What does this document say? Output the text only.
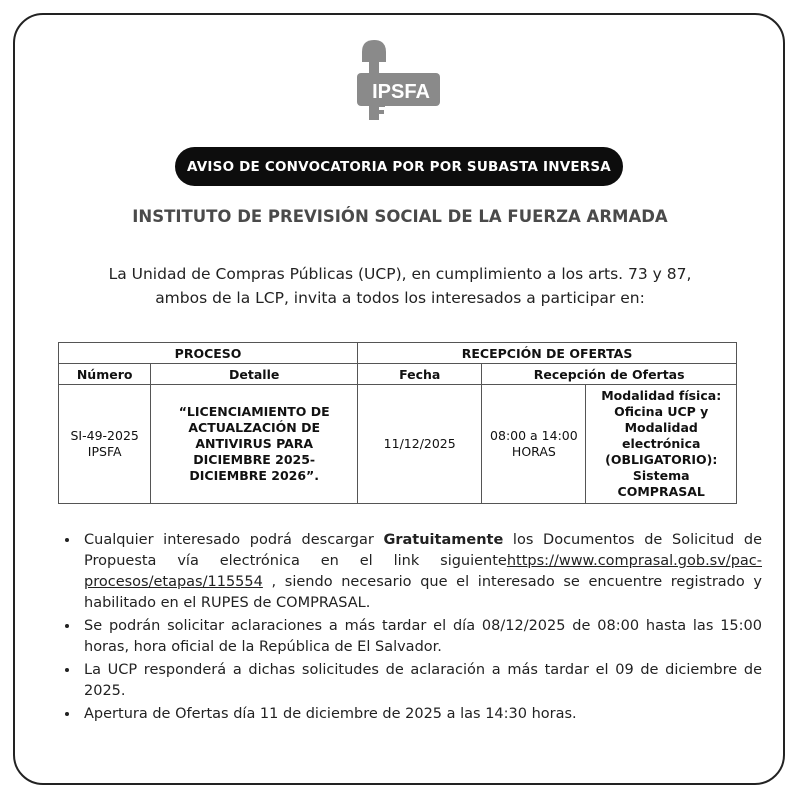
IPSFA
AVISO DE CONVOCATORIA POR POR SUBASTA INVERSA
INSTITUTO DE PREVISIÓN SOCIAL DE LA FUERZA ARMADA
La Unidad de Compras Públicas (UCP), en cumplimiento a los arts. 73 y 87,
ambos de la LCP, invita a todos los interesados a participar en:
PROCESO		RECEPCIÓN DE OFERTAS		
Número	Detalle	Fecha	Recepción de Ofertas	

SI-49-2025 IPSFA	“LICENCIAMIENTO DE ACTUALZACIÓN DE ANTIVIRUS PARA DICIEMBRE 2025-DICIEMBRE 2026”.	11/12/2025	08:00 a 14:00 HORAS	Modalidad física: Oficina UCP y Modalidad electrónica (OBLIGATORIO): Sistema COMPRASAL
• Cualquier interesado podrá descargar Gratuitamente los Documentos de Solicitud de Propuesta vía electrónica en el link siguientehttps://www.comprasal.gob.sv/pac-procesos/etapas/115554 , siendo necesario que el interesado se encuentre registrado y habilitado en el RUPES de COMPRASAL.
• Se podrán solicitar aclaraciones a más tardar el día 08/12/2025 de 08:00 hasta las 15:00 horas, hora oficial de la República de El Salvador.
• La UCP responderá a dichas solicitudes de aclaración a más tardar el 09 de diciembre de 2025.
• Apertura de Ofertas día 11 de diciembre de 2025 a las 14:30 horas.
